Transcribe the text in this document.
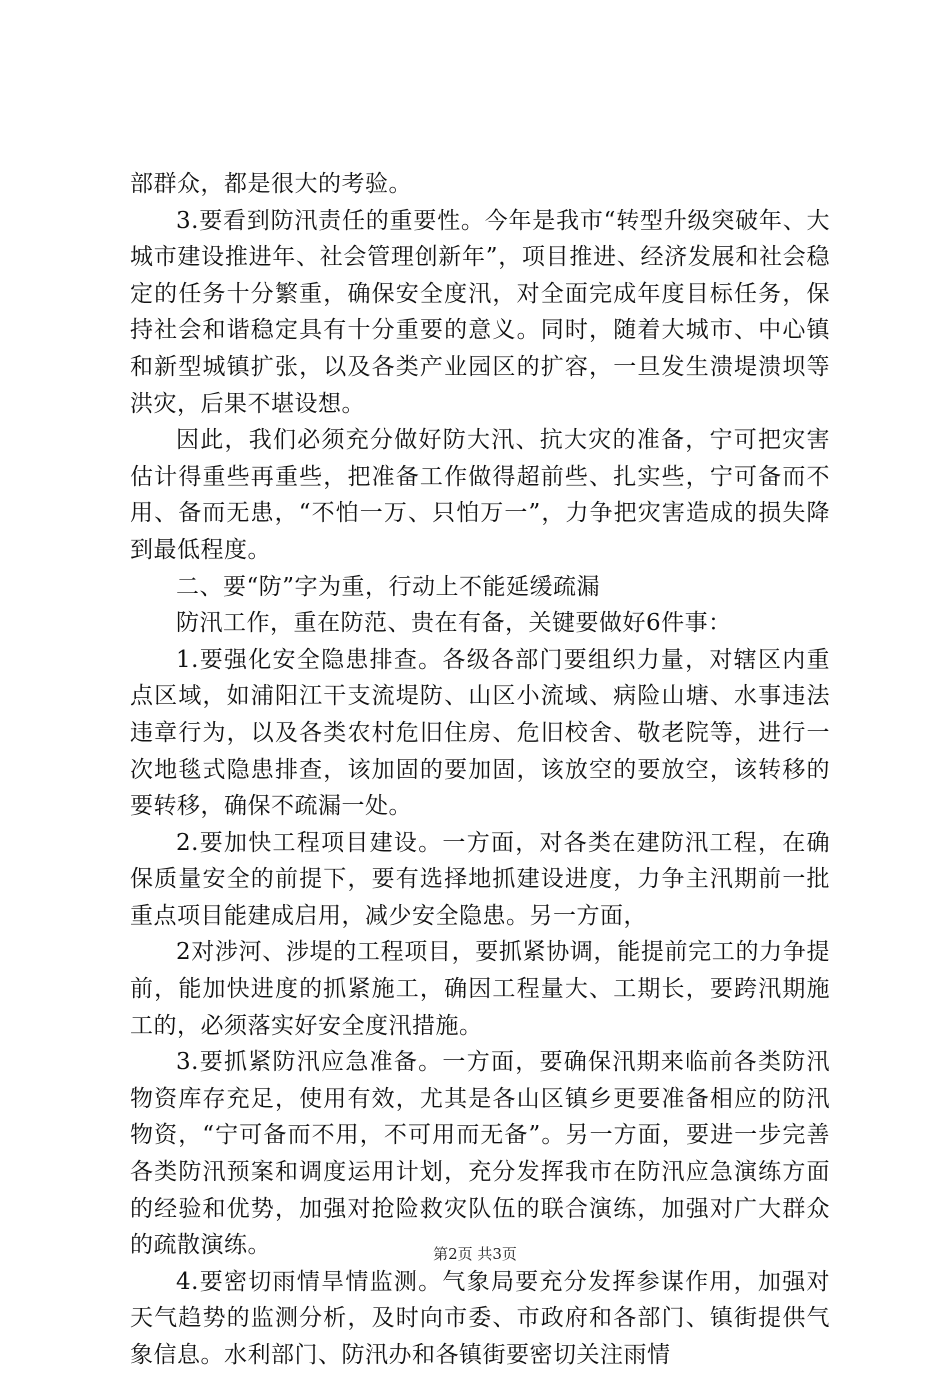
部群众，都是很大的考验。

3.要看到防汛责任的重要性。今年是我市“转型升级突破年、大城市建设推进年、社会管理创新年”，项目推进、经济发展和社会稳定的任务十分繁重，确保安全度汛，对全面完成年度目标任务，保持社会和谐稳定具有十分重要的意义。同时，随着大城市、中心镇和新型城镇扩张，以及各类产业园区的扩容，一旦发生溃堤溃坝等洪灾，后果不堪设想。

因此，我们必须充分做好防大汛、抗大灾的准备，宁可把灾害估计得重些再重些，把准备工作做得超前些、扎实些，宁可备而不用、备而无患，“不怕一万、只怕万一”，力争把灾害造成的损失降到最低程度。

二、要“防”字为重，行动上不能延缓疏漏

防汛工作，重在防范、贵在有备，关键要做好6件事：

1.要强化安全隐患排查。各级各部门要组织力量，对辖区内重点区域，如浦阳江干支流堤防、山区小流域、病险山塘、水事违法违章行为，以及各类农村危旧住房、危旧校舍、敬老院等，进行一次地毯式隐患排查，该加固的要加固，该放空的要放空，该转移的要转移，确保不疏漏一处。

2.要加快工程项目建设。一方面，对各类在建防汛工程，在确保质量安全的前提下，要有选择地抓建设进度，力争主汛期前一批重点项目能建成启用，减少安全隐患。另一方面，

2对涉河、涉堤的工程项目，要抓紧协调，能提前完工的力争提前，能加快进度的抓紧施工，确因工程量大、工期长，要跨汛期施工的，必须落实好安全度汛措施。

3.要抓紧防汛应急准备。一方面，要确保汛期来临前各类防汛物资库存充足，使用有效，尤其是各山区镇乡更要准备相应的防汛物资，“宁可备而不用，不可用而无备”。另一方面，要进一步完善各类防汛预案和调度运用计划，充分发挥我市在防汛应急演练方面的经验和优势，加强对抢险救灾队伍的联合演练，加强对广大群众的疏散演练。

4.要密切雨情旱情监测。气象局要充分发挥参谋作用，加强对天气趋势的监测分析，及时向市委、市政府和各部门、镇街提供气象信息。水利部门、防汛办和各镇街要密切关注雨情

第2页 共3页
